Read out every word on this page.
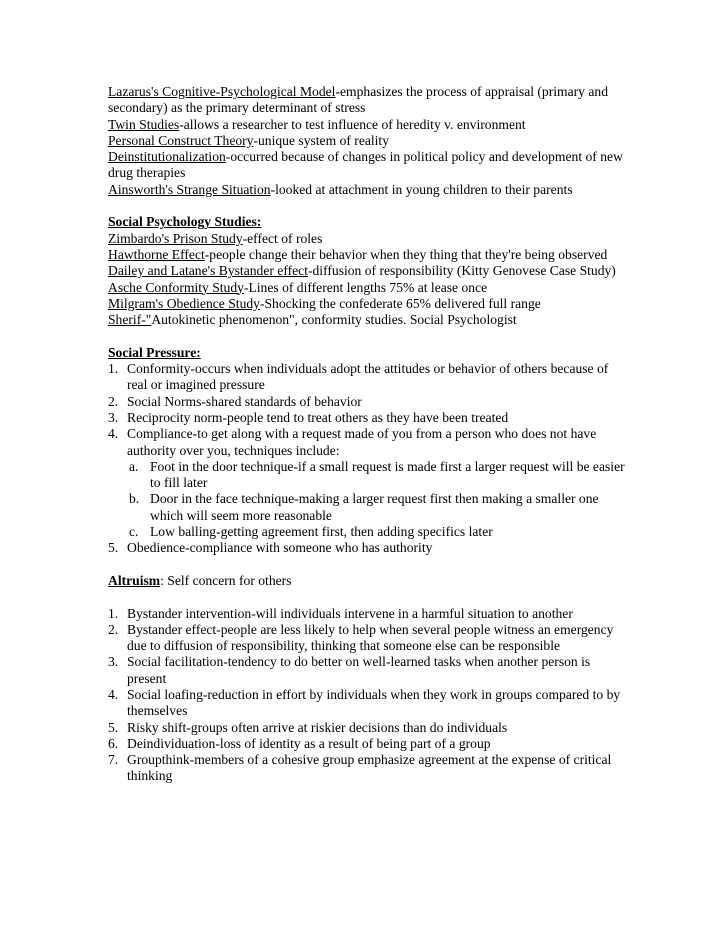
Lazarus's Cognitive-Psychological Model-emphasizes the process of appraisal (primary and secondary) as the primary determinant of stress

Twin Studies-allows a researcher to test influence of heredity v. environment

Personal Construct Theory-unique system of reality

Deinstitutionalization-occurred because of changes in political policy and development of new drug therapies

Ainsworth's Strange Situation-looked at attachment in young children to their parents

Social Psychology Studies:

Zimbardo's Prison Study-effect of roles

Hawthorne Effect-people change their behavior when they thing that they're being observed

Dailey and Latane's Bystander effect-diffusion of responsibility (Kitty Genovese Case Study)

Asche Conformity Study-Lines of different lengths 75% at lease once

Milgram's Obedience Study-Shocking the confederate 65% delivered full range

Sherif-"Autokinetic phenomenon", conformity studies. Social Psychologist

Social Pressure:

1. Conformity-occurs when individuals adopt the attitudes or behavior of others because of real or imagined pressure
2. Social Norms-shared standards of behavior
3. Reciprocity norm-people tend to treat others as they have been treated
4. Compliance-to get along with a request made of you from a person who does not have authority over you, techniques include:
a. Foot in the door technique-if a small request is made first a larger request will be easier to fill later
b. Door in the face technique-making a larger request first then making a smaller one which will seem more reasonable
c. Low balling-getting agreement first, then adding specifics later
5. Obedience-compliance with someone who has authority

Altruism: Self concern for others

1. Bystander intervention-will individuals intervene in a harmful situation to another
2. Bystander effect-people are less likely to help when several people witness an emergency due to diffusion of responsibility, thinking that someone else can be responsible
3. Social facilitation-tendency to do better on well-learned tasks when another person is present
4. Social loafing-reduction in effort by individuals when they work in groups compared to by themselves
5. Risky shift-groups often arrive at riskier decisions than do individuals
6. Deindividuation-loss of identity as a result of being part of a group
7. Groupthink-members of a cohesive group emphasize agreement at the expense of critical thinking
